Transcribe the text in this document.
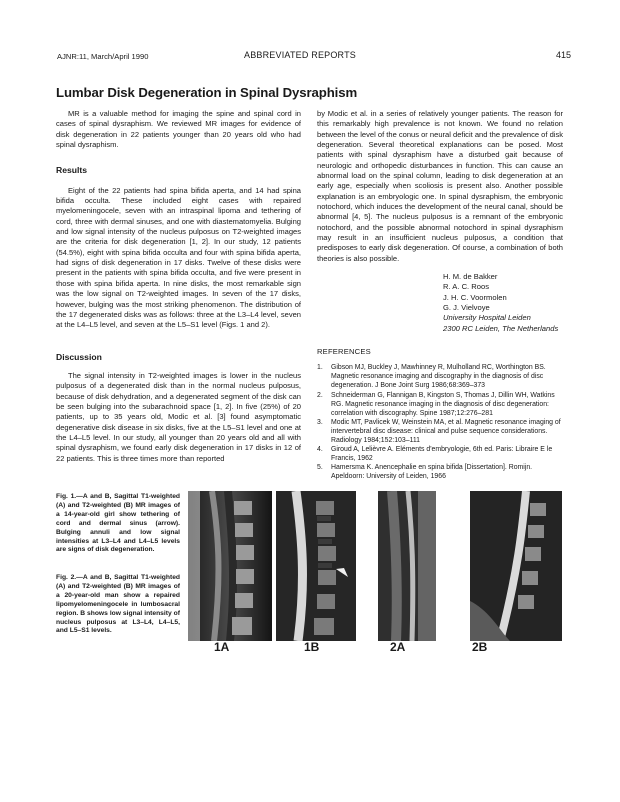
AJNR:11, March/April 1990	ABBREVIATED REPORTS	415
Lumbar Disk Degeneration in Spinal Dysraphism

MR is a valuable method for imaging the spine and spinal cord in cases of spinal dysraphism. We reviewed MR images for evidence of disk degeneration in 22 patients younger than 20 years old who had spinal dysraphism.

Results

Eight of the 22 patients had spina bifida aperta, and 14 had spina bifida occulta. These included eight cases with repaired myelomeningocele, seven with an intraspinal lipoma and tethering of cord, three with dermal sinuses, and one with diastematomyelia. Bulging and low signal intensity of the nucleus pulposus on T2-weighted images are the criteria for disk degeneration [1, 2]. In our study, 12 patients (54.5%), eight with spina bifida occulta and four with spina bifida aperta, had signs of disk degeneration in 17 disks. Twelve of these disks were present in the patients with spina bifida occulta, and five were present in those with spina bifida aperta. In nine disks, the most remarkable sign was the low signal on T2-weighted images. In seven of the 17 disks, however, bulging was the most striking phenomenon. The distribution of the 17 degenerated disks was as follows: three at the L3–L4 level, seven at the L4–L5 level, and seven at the L5–S1 level (Figs. 1 and 2).

Discussion

The signal intensity in T2-weighted images is lower in the nucleus pulposus of a degenerated disk than in the normal nucleus pulposus, because of disk dehydration, and a degenerated segment of the disk can be seen bulging into the subarachnoid space [1, 2]. In five (25%) of 20 patients, up to 35 years old, Modic et al. [3] found asymptomatic degenerative disk disease in six disks, five at the L5–S1 level and one at the L4–L5 level. In our study, all younger than 20 years old and all with spinal dysraphism, we found early disk degeneration in 17 disks in 12 of 22 patients. This is three times more than reported

by Modic et al. in a series of relatively younger patients. The reason for this remarkably high prevalence is not known. We found no relation between the level of the conus or neural deficit and the prevalence of disk degeneration. Several theoretical explanations can be posed. Most patients with spinal dysraphism have a disturbed gait because of neurologic and orthopedic disturbances in function. This can cause an abnormal load on the spinal column, leading to disk degeneration at an early age, especially when scoliosis is present also. Another possible explanation is an embryologic one. In spinal dysraphism, the embryonic notochord, which induces the development of the neural canal, should be abnormal [4, 5]. The nucleus pulposus is a remnant of the embryonic notochord, and the possible abnormal notochord in spinal dysraphism may result in an insufficient nucleus pulposus, a condition that predisposes to early disk degeneration. Of course, a combination of both theories is also possible.

H. M. de Bakker
R. A. C. Roos
J. H. C. Voormolen
G. J. Vielvoye
University Hospital Leiden
2300 RC Leiden, The Netherlands
REFERENCES
1. Gibson MJ, Buckley J, Mawhinney R, Mulholland RC, Worthington BS. Magnetic resonance imaging and discography in the diagnosis of disc degeneration. J Bone Joint Surg 1986;68:369–373
2. Schneiderman G, Flannigan B, Kingston S, Thomas J, Dillin WH, Watkins RG. Magnetic resonance imaging in the diagnosis of disc degeneration: correlation with discography. Spine 1987;12:276–281
3. Modic MT, Pavlicek W, Weinstein MA, et al. Magnetic resonance imaging of intervertebral disc disease: clinical and pulse sequence considerations. Radiology 1984;152:103–111
4. Giroud A, Lelièvre A. Eléments d'embryologie, 6th ed. Paris: Libraire E le Francis, 1962
5. Hamersma K. Anencephalie en spina bifida [Dissertation]. Romijn. Apeldoorn: University of Leiden, 1966
Fig. 1.—A and B, Sagittal T1-weighted (A) and T2-weighted (B) MR images of a 14-year-old girl show tethering of cord and dermal sinus (arrow). Bulging annuli and low signal intensities at L3–L4 and L4–L5 levels are signs of disk degeneration.
Fig. 2.—A and B, Sagittal T1-weighted (A) and T2-weighted (B) MR images of a 20-year-old man show a repaired lipomyelomeningocele in lumbosacral region. B shows low signal intensity of nucleus pulposus at L3–L4, L4–L5, and L5–S1 levels.
1A	1B	2A	2B
